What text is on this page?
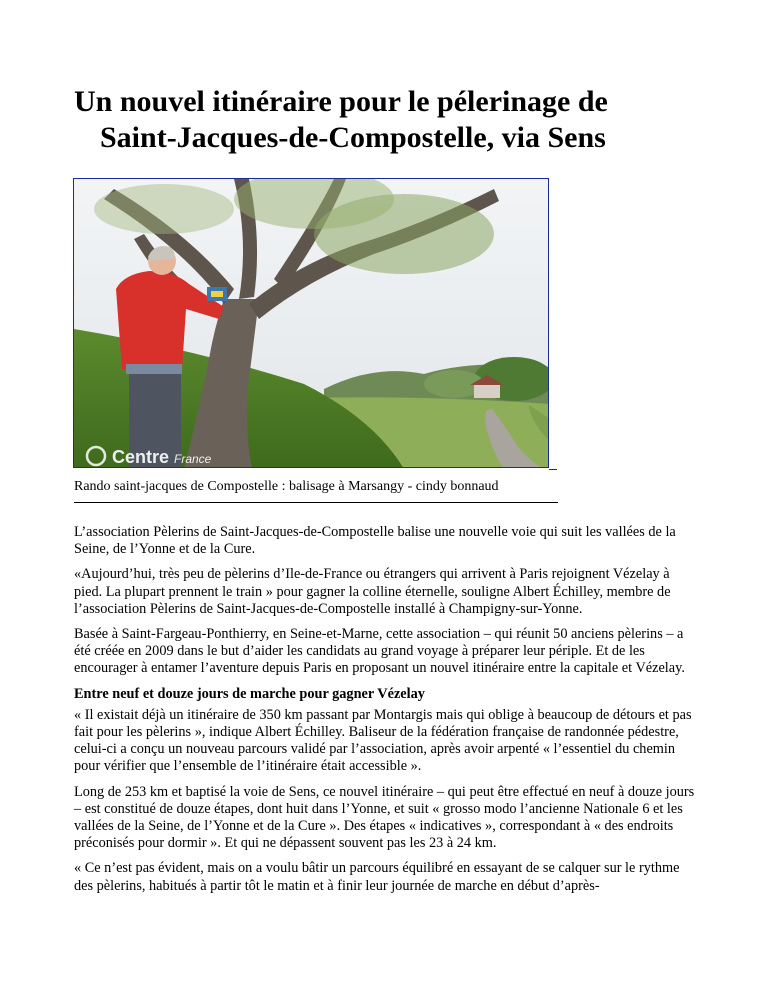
Un nouvel itinéraire pour le pélerinage de
Saint-Jacques-de-Compostelle, via Sens
Centre France
Rando saint-jacques de Compostelle : balisage à Marsangy - cindy bonnaud

L’association Pèlerins de Saint-Jacques-de-Compostelle balise une nouvelle voie qui suit les vallées de la Seine, de l’Yonne et de la Cure.

«Aujourd’hui, très peu de pèlerins d’Ile-de-France ou étrangers qui arrivent à Paris rejoignent Vézelay à pied. La plupart prennent le train » pour gagner la colline éternelle, souligne Albert Échilley, membre de l’association Pèlerins de Saint-Jacques-de-Compostelle installé à Champigny-sur-Yonne.

Basée à Saint-Fargeau-Ponthierry, en Seine-et-Marne, cette association – qui réunit 50 anciens pèlerins – a été créée en 2009 dans le but d’aider les candidats au grand voyage à préparer leur périple. Et de les encourager à entamer l’aventure depuis Paris en proposant un nouvel itinéraire entre la capitale et Vézelay.

Entre neuf et douze jours de marche pour gagner Vézelay

« Il existait déjà un itinéraire de 350 km passant par Montargis mais qui oblige à beaucoup de détours et pas fait pour les pèlerins », indique Albert Échilley. Baliseur de la fédération française de randonnée pédestre, celui-ci a conçu un nouveau parcours validé par l’association, après avoir arpenté « l’essentiel du chemin pour vérifier que l’ensemble de l’itinéraire était accessible ».

Long de 253 km et baptisé la voie de Sens, ce nouvel itinéraire – qui peut être effectué en neuf à douze jours – est constitué de douze étapes, dont huit dans l’Yonne, et suit « grosso modo l’ancienne Nationale 6 et les vallées de la Seine, de l’Yonne et de la Cure ». Des étapes « indicatives », correspondant à « des endroits préconisés pour dormir ». Et qui ne dépassent souvent pas les 23 à 24 km.

« Ce n’est pas évident, mais on a voulu bâtir un parcours équilibré en essayant de se calquer sur le rythme des pèlerins, habitués à partir tôt le matin et à finir leur journée de marche en début d’après-
